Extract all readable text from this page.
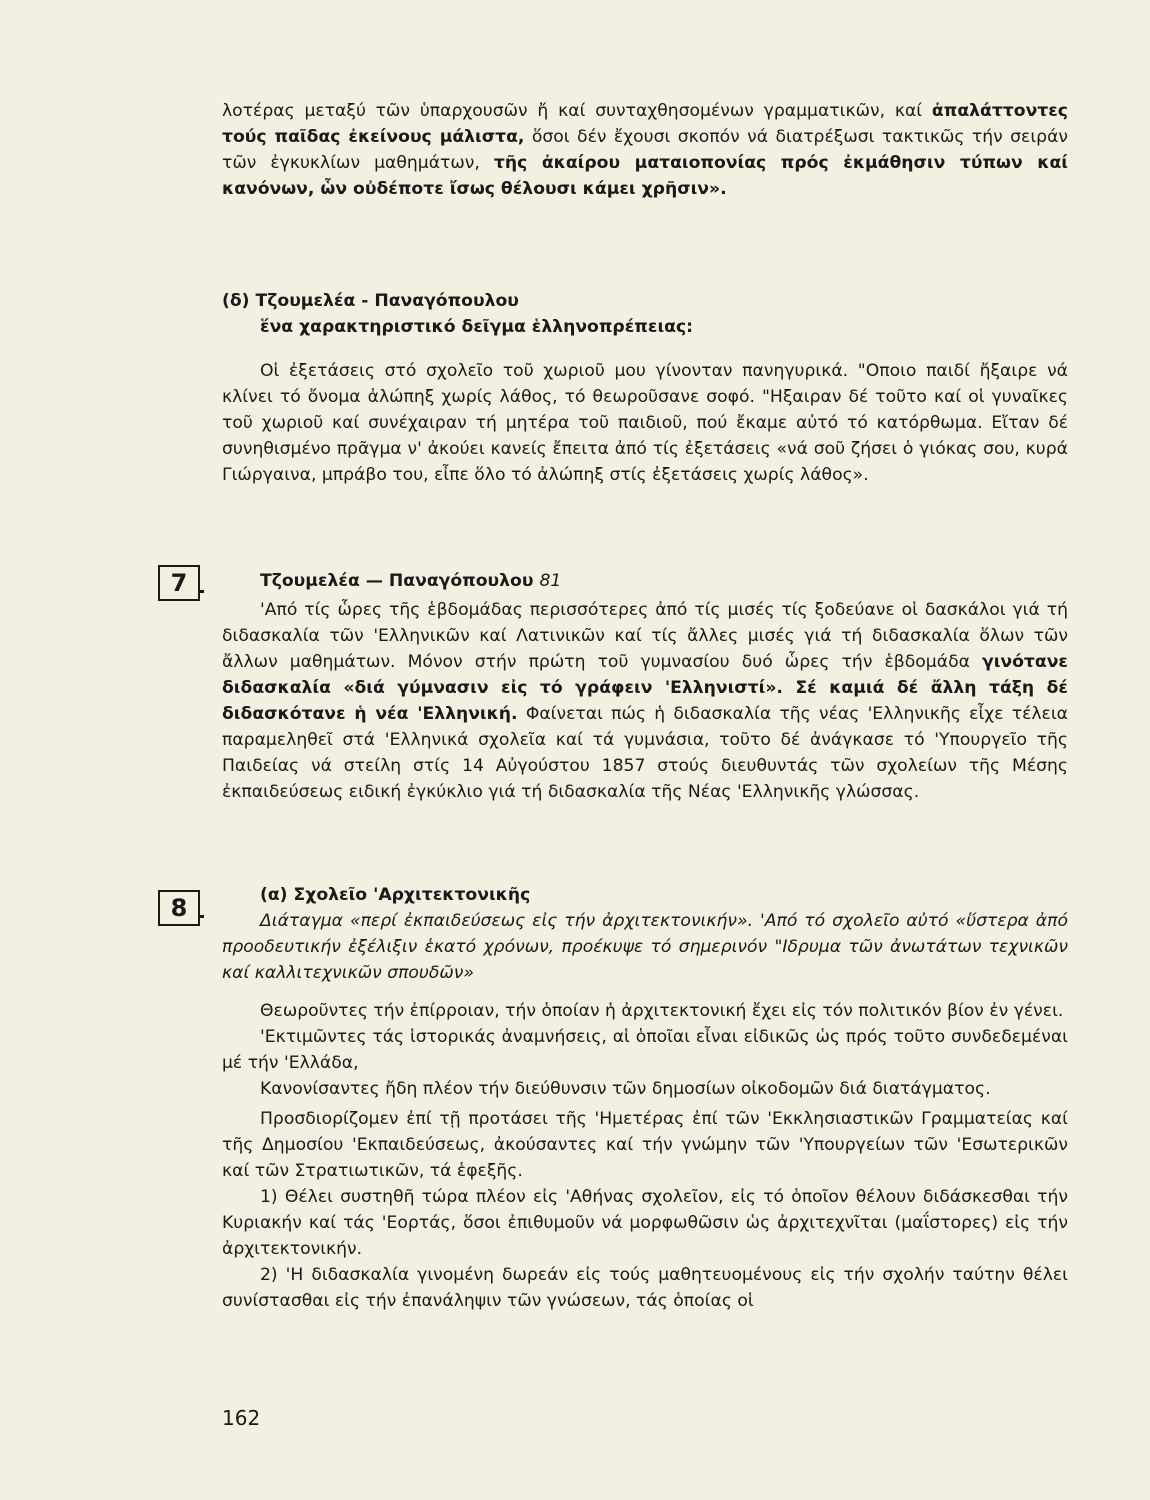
λοτέρας μεταξύ τῶν ὑπαρχουσῶν ἤ καί συνταχθησομένων γραμματικῶν, καί ἀπαλάττοντες τούς παῖδας ἐκείνους μάλιστα, ὅσοι δέν ἔχουσι σκοπόν νά διατρέξωσι τακτικῶς τήν σειράν τῶν ἐγκυκλίων μαθημάτων, τῆς ἀκαίρου ματαιοπονίας πρός ἐκμάθησιν τύπων καί κανόνων, ὧν οὐδέποτε ἴσως θέλουσι κάμει χρῆσιν».

(δ) Τζουμελέα - Παναγόπουλου
ἕνα χαρακτηριστικό δεῖγμα ἑλληνοπρέπειας:

Οἱ ἐξετάσεις στό σχολεῖο τοῦ χωριοῦ μου γίνονταν πανηγυρικά. "Οποιο παιδί ἤξαιρε νά κλίνει τό ὄνομα ἀλώπηξ χωρίς λάθος, τό θεωροῦσανε σοφό. "Ηξαιραν δέ τοῦτο καί οἱ γυναῖκες τοῦ χωριοῦ καί συνέχαιραν τή μητέρα τοῦ παιδιοῦ, πού ἔκαμε αὐτό τό κατόρθωμα. Εἴταν δέ συνηθισμένο πρᾶγμα ν' ἀκούει κανείς ἔπειτα ἀπό τίς ἐξετάσεις «νά σοῦ ζήσει ὁ γιόκας σου, κυρά Γιώργαινα, μπράβο του, εἶπε ὅλο τό ἀλώπηξ στίς ἐξετάσεις χωρίς λάθος».

7	Τζουμελέα — Παναγόπουλου 81

'Από τίς ὧρες τῆς ἑβδομάδας περισσότερες ἀπό τίς μισές τίς ξοδεύανε οἱ δασκάλοι γιά τή διδασκαλία τῶν 'Ελληνικῶν καί Λατινικῶν καί τίς ἄλλες μισές γιά τή διδασκαλία ὅλων τῶν ἄλλων μαθημάτων. Μόνον στήν πρώτη τοῦ γυμνασίου δυό ὧρες τήν ἑβδομάδα γινότανε διδασκαλία «διά γύμνασιν εἰς τό γράφειν 'Ελληνιστί». Σέ καμιά δέ ἄλλη τάξη δέ διδασκότανε ἡ νέα 'Ελληνική. Φαίνεται πώς ἡ διδασκαλία τῆς νέας 'Ελληνικῆς εἶχε τέλεια παραμεληθεῖ στά 'Ελληνικά σχολεῖα καί τά γυμνάσια, τοῦτο δέ ἀνάγκασε τό 'Υπουργεῖο τῆς Παιδείας νά στείλη στίς 14 Αὐγούστου 1857 στούς διευθυντάς τῶν σχολείων τῆς Μέσης ἐκπαιδεύσεως ειδική ἐγκύκλιο γιά τή διδασκαλία τῆς Νέας 'Ελληνικῆς γλώσσας.

8	(α) Σχολεῖο 'Αρχιτεκτονικῆς

Διάταγμα «περί ἐκπαιδεύσεως εἰς τήν ἀρχιτεκτονικήν». 'Από τό σχολεῖο αὐτό «ὕστερα ἀπό προοδευτικήν ἐξέλιξιν ἑκατό χρόνων, προέκυψε τό σημερινόν "Ιδρυμα τῶν ἀνωτάτων τεχνικῶν καί καλλιτεχνικῶν σπουδῶν»

Θεωροῦντες τήν ἐπίρροιαν, τήν ὁποίαν ἡ ἀρχιτεκτονική ἔχει εἰς τόν πολιτικόν βίον ἐν γένει.

'Εκτιμῶντες τάς ἱστορικάς ἀναμνήσεις, αἱ ὁποῖαι εἶναι εἰδικῶς ὡς πρός τοῦτο συνδεδεμέναι μέ τήν 'Ελλάδα,

Κανονίσαντες ἤδη πλέον τήν διεύθυνσιν τῶν δημοσίων οἰκοδομῶν διά διατάγματος.

Προσδιορίζομεν ἐπί τῇ προτάσει τῆς 'Ημετέρας ἐπί τῶν 'Εκκλησιαστικῶν Γραμματείας καί τῆς Δημοσίου 'Εκπαιδεύσεως, ἀκούσαντες καί τήν γνώμην τῶν 'Υπουργείων τῶν 'Εσωτερικῶν καί τῶν Στρατιωτικῶν, τά ἑφεξῆς.

1) Θέλει συστηθῆ τώρα πλέον εἰς 'Αθήνας σχολεῖον, εἰς τό ὁποῖον θέλουν διδάσκεσθαι τήν Κυριακήν καί τάς 'Εορτάς, ὅσοι ἐπιθυμοῦν νά μορφωθῶσιν ὡς ἀρχιτεχνῖται (μαΐστορες) εἰς τήν ἀρχιτεκτονικήν.

2) 'Η διδασκαλία γινομένη δωρεάν εἰς τούς μαθητευομένους εἰς τήν σχολήν ταύτην θέλει συνίστασθαι εἰς τήν ἐπανάληψιν τῶν γνώσεων, τάς ὁποίας οἱ

162
